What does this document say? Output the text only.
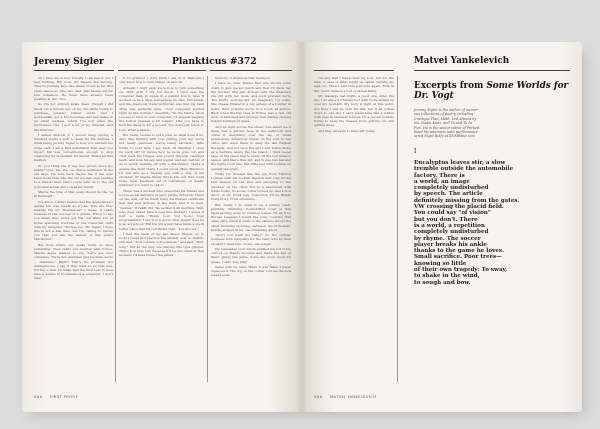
Jeremy Sigler	Plankticus #372

Or I have me in me? Usually I can feel it, but I feel nothing. But look, my fingers are moving. They're pushing keys like Glenn Gould at his first piano lesson at, like, two. And, that seems odd for him somehow. He must have already been pushing at two. Two.

So I'm not entirely brain dead. Though I did black out a minute ago on my cab while trying to purchase Jurassic lobster sushi. And I accidentally got a hot beverage and last name in an email address, which I've lost since the hurricane's rise. I lost a bit of my Internet, and the Internet.

I asked Andrew if I should keep paying a hundred bucks a year to keep my file address. I think being Jeremy Sigler is how you validate me some cash. I am a first generation Mac user, you know? Me was conventional, enough to stop clustering my bookshelf. It's stored. That's all that matters.

Do you think the jr key has gotten more my family? Quiz. Yes. You too. Has a wallflower in the old days. I'm sure back maybe the it has ever been more than like the old wooden sign leading to a rubber-tired man's route with its to the old porcelain actual and you as my buddy.

Maybe the title of this poem should be the "ai in Denmark".

You know, I didn't realize that the Apple Store's genius bar was meant as a joke. Who are they making fun of? Themselves? I mean, it really believes in the concept of a genius. Who's to say you mean they won't get the call while I'm at home watching YouTube of the Chevrolet Girls with my daughter. "Excuse me, Mr. Sigler, I hope this is not a bad time, but I'm calling to inform you that you are the winner of this year's MacArthur."

But from where our geeks really do have something. They really are smarter with Volvos. Maybe Apple wanted to say, "Let's get over ourselves. We're not geniuses just because we're ... Geniuses." Right? That's the problem! It's disingenuous. I say if they want to be that way, it'll buy a Dell. I'll make Dell the New Left. It does take a genius to troubleshoot a computer. I don't take

it for granted. I don't think I can do it. Basically I only know how to turn things on and off.

Actually I don't even know how to turn something on. With grift I say too much. I once saw the computer flash in Apple in a painful box to have it worked on in a shop somewhere in, like, Cincinnati, and the diagnosis there technician was that my hard drive was perfectly alive. "Your computer started right up like normal," cheerfully. "In the future, when you see to turn on your computer, I'd suggest keeping the button pressed a bit longer." Like you have to hold the thing in for a second. You don't just touch it. Ugh. What a hassle.

But really, Genius is not a joke, so what does it do. Also, like fiddling with you, pulling your leg, we're not really geniuses, we're being sarcastic, little tricks, to your face, I say, back off. Whether I close my back off? Or maybe he'd be more gone out, and click back his trigger, and pound through clenched teeth, and look his jaw, and squint, and say, neither of us is worth walking off with a MacArthur. That's a genius line right there. I could shout. Man, Marlboro I'll cast him as a friendly guy with a chip on his shoulder. Or maybe finally this is the cell that could bring Andy Kaufman out of retirement, or death, whatever you want to call it.

There was a student who presented his Mensa test scores as his entrance project. Janine Kolodzin. There on the wall, off he itself, hung his framed certificate that had just arrived in the mail, and it is read, "Genius." It really did. We settled it all morning. Well, who does called here a real fine student? I guess it isn't a mark. Thank you! You fools! Your programmers! I say it is a word! How stupid does he is an art school? But the kid would have made a much better place had his certificate read, "You are not."

I had the back of my two fleece fingers up to Cody's chest and practice has already ever so slightly and said, "Soft colours, soft sciences," and said, "Dad, long." But as the only one playing this type gripper. That's how they left, because it'll be into them at that moment I'd have turned the jellied

memory of whatever that feeling is.

I have no idea. Maybe that she should come down to join me for lunch and that I'll show her the Pucket! She just arrived with the interview she did with her mom, and we'll pretend we're 'the pretty exciting kid' an imaginary toy scale, like cheese Chanel in a big garage of a toddler in Softs. We'll pretend we're in a booth at Jerry's. Back when the big ones at Prince was a rad, old neck of hallowed and grumpy men fishing onesies behind bulletproof glass.

Anyone right across the street. She asked me if there was a garden hose in the bathroom and curse it delighting over the lap of those expensively dangerous things on the sofa in her office who were there to snag the last English Burgade. And not once the girl could follow along as a bedtime nanny the the brand, I think beget rage on the place real to spray off the lost mission leaves. And there they fell, and it was just her and the lights soon one, this little leaf with looking on against the grain.

Today I'm dressed like the guy from Flatiron Lounge with his rockish lapstick and long brown hair shaved on one side and swooping to her shoulder on the other. Put in a neverwear with white hooks, no socks, collar turned up, and a bow décor in my trunk bag. Tomorrow I'll be Buddy Holly in a J. Crew ensemble.

But, really, I do want to be a Johnny Cash, painfully charming, downshifted cover of that rapid-picking song by Nutmeg Lague. Or an 8 by Bureau League? I heard the song covering that same ditty. ASAP. It radio in the campus shoots the other listening morning, between the little-hunt-handle stolped in my one remaining ghost.

"Don't you want me baby?" So the cellular business with sympathy for the baby who by then shouldn't want him, or me, one longer.

He remember your whole entitled me out of my outrool on Mandy Account and that's the last of them. James Dat game. Some day good. Good for guess, I said. You, Jalp!

Same with my bike. When it was taken I never replaced it. The cop on the corner told me the lock wasn't even

XXX FIRST PROOF

cut and that I had locked my lock, but not the bike. A case of what might be called 'putting my sign on.' Then I said ride a bicycle again. Rule in life: never replace a lost or stolen thing.

My massage last night, a good one. After the flip. I do enjoy a Chinese foot with rocks sliding up over my footbath. My body is right at this point. Are they I will be over the hill, but it all comes down to one day. I can't stand here like a waiter with pigs in blankets forever. Or a border politely trying to keep the masses from getting out and getting away.

And they all seem to have left today.

Matvei Yankelevich
Excerpts from Some Worlds for Dr. Vogt
Jeremy Sigler is the author of numer-
ous collections of poetry including
Crackpot Plan, Math, Led Almost by
No, Nadia Kunz, and To and To In
Fun. He is the senior editor of Parkett.
Read his interview with performance
artist Nigel Rolfe at BOMBsite.com
I
Eucalyptus leaves stir, a slow
tremble outside the automobile
factory. There is
a world, an image
completely undisturbed
by speech. The article
definitely missing from the gates.
VW crossing the placid field.
You could say "of vision"
but you don't. There
is a world, a repetition
completely undisturbed
by rhyme. The soccer
player breaks his ankle
thanks to the game he loves.
Small sacrifice. Poor trees—
knowing so little
of their own tragedy: To sway,
to shake in the wind,
to sough and bow.
XXX MATVEI YANKELEVICH
